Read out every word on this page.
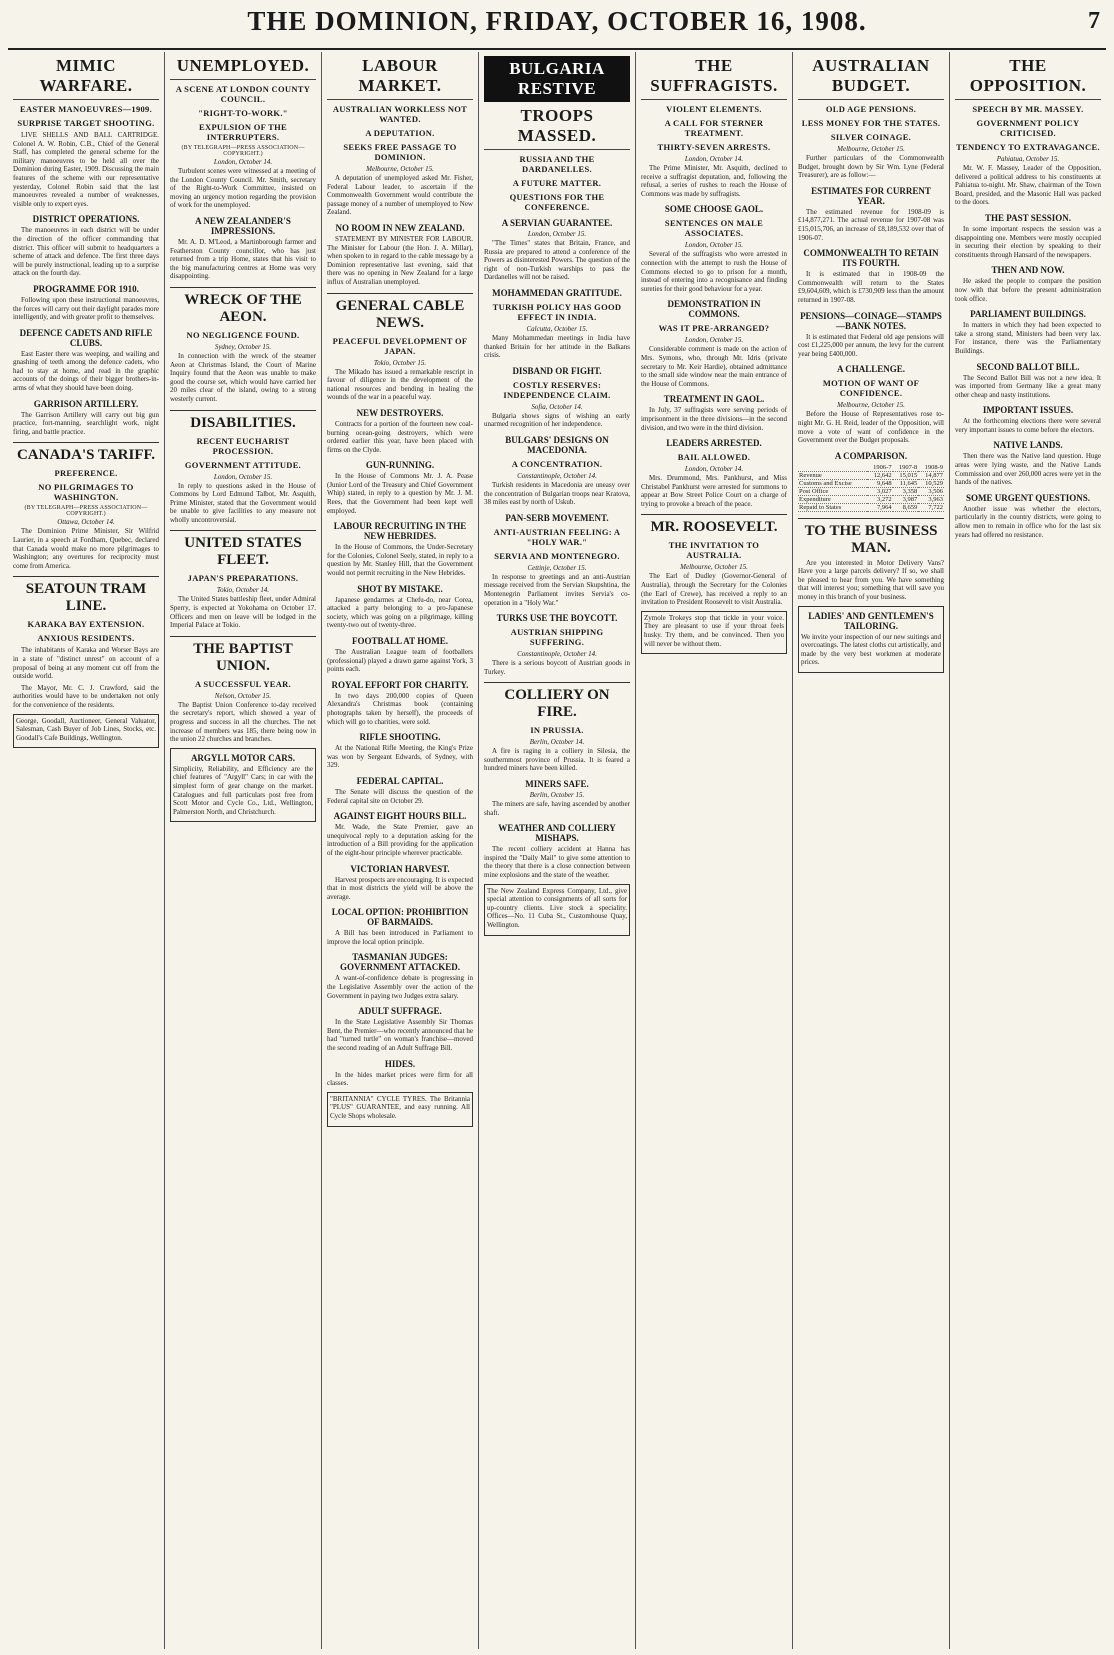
THE DOMINION, FRIDAY, OCTOBER 16, 1908.	7
MIMIC WARFARE.
EASTER MANOEUVRES—1909.
SURPRISE TARGET SHOOTING.

LIVE SHELLS AND BALL CARTRIDGE. Colonel A. W. Robin, C.B., Chief of the General Staff, has completed the general scheme for the military manoeuvres to be held all over the Dominion during Easter, 1909. Discussing the main features of the scheme with our representative yesterday, Colonel Robin said that the last manoeuvres revealed a number of weaknesses, visible only to expert eyes.

DISTRICT OPERATIONS.

The manoeuvres in each district will be under the direction of the officer commanding that district. This officer will submit to headquarters a scheme of attack and defence. The first three days will be purely instructional, leading up to a surprise attack on the fourth day.

PROGRAMME FOR 1910.

Following upon these instructional manoeuvres, the forces will carry out their daylight parades more intelligently, and with greater profit to themselves.

DEFENCE CADETS AND RIFLE CLUBS.

East Easter there was weeping, and wailing and gnashing of teeth among the defence cadets, who had to stay at home, and read in the graphic accounts of the doings of their bigger brothers-in-arms of what they should have been doing.

GARRISON ARTILLERY.

The Garrison Artillery will carry out big gun practice, fort-manning, searchlight work, night firing, and battle practice.

CANADA'S TARIFF.
PREFERENCE.
NO PILGRIMAGES TO WASHINGTON.
(BY TELEGRAPH—PRESS ASSOCIATION—COPYRIGHT.)
Ottawa, October 14.

The Dominion Prime Minister, Sir Wilfrid Laurier, in a speech at Fordham, Quebec, declared that Canada would make no more pilgrimages to Washington; any overtures for reciprocity must come from America.

SEATOUN TRAM LINE.
KARAKA BAY EXTENSION.
ANXIOUS RESIDENTS.

The inhabitants of Karaka and Worser Bays are in a state of "distinct unrest" on account of a proposal of being at any moment cut off from the outside world.

The Mayor, Mr. C. J. Crawford, said the authorities would have to be undertaken not only for the convenience of the residents.

George, Goodall, Auctioneer, General Valuator, Salesman, Cash Buyer of Job Lines, Stocks, etc. Goodall's Cafe Buildings, Wellington.

UNEMPLOYED.
A SCENE AT LONDON COUNTY COUNCIL.
"RIGHT-TO-WORK."
EXPULSION OF THE INTERRUPTERS.
(BY TELEGRAPH—PRESS ASSOCIATION—COPYRIGHT.)
London, October 14.

Turbulent scenes were witnessed at a meeting of the London County Council. Mr. Smith, secretary of the Right-to-Work Committee, insisted on moving an urgency motion regarding the provision of work for the unemployed.

A NEW ZEALANDER'S IMPRESSIONS.

Mr. A. D. M'Leod, a Martinborough farmer and Featherston County councillor, who has just returned from a trip Home, states that his visit to the big manufacturing centres at Home was very disappointing.

WRECK OF THE AEON.
NO NEGLIGENCE FOUND.
Sydney, October 15.

In connection with the wreck of the steamer Aeon at Christmas Island, the Court of Marine Inquiry found that the Aeon was unable to make good the course set, which would have carried her 20 miles clear of the island, owing to a strong westerly current.

DISABILITIES.
RECENT EUCHARIST PROCESSION.
GOVERNMENT ATTITUDE.
London, October 15.

In reply to questions asked in the House of Commons by Lord Edmund Talbot, Mr. Asquith, Prime Minister, stated that the Government would be unable to give facilities to any measure not wholly uncontroversial.

UNITED STATES FLEET.
JAPAN'S PREPARATIONS.
Tokio, October 14.

The United States battleship fleet, under Admiral Sperry, is expected at Yokohama on October 17. Officers and men on leave will be lodged in the Imperial Palace at Tokio.

THE BAPTIST UNION.
A SUCCESSFUL YEAR.
Nelson, October 15.

The Baptist Union Conference to-day received the secretary's report, which showed a year of progress and success in all the churches. The net increase of members was 185, there being now in the union 22 churches and branches.

ARGYLL MOTOR CARS.

Simplicity, Reliability, and Efficiency are the chief features of "Argyll" Cars; in car with the simplest form of gear change on the market. Catalogues and full particulars post free from Scott Motor and Cycle Co., Ltd., Wellington, Palmerston North, and Christchurch.

LABOUR MARKET.
AUSTRALIAN WORKLESS NOT WANTED.
A DEPUTATION.
SEEKS FREE PASSAGE TO DOMINION.
Melbourne, October 15.

A deputation of unemployed asked Mr. Fisher, Federal Labour leader, to ascertain if the Commonwealth Government would contribute the passage money of a number of unemployed to New Zealand.

NO ROOM IN NEW ZEALAND.

STATEMENT BY MINISTER FOR LABOUR. The Minister for Labour (the Hon. J. A. Millar), when spoken to in regard to the cable message by a Dominion representative last evening, said that there was no opening in New Zealand for a large influx of Australian unemployed.

GENERAL CABLE NEWS.
PEACEFUL DEVELOPMENT OF JAPAN.
Tokio, October 15.

The Mikado has issued a remarkable rescript in favour of diligence in the development of the national resources and bending in healing the wounds of the war in a peaceful way.

NEW DESTROYERS.

Contracts for a portion of the fourteen new coal-burning ocean-going destroyers, which were ordered earlier this year, have been placed with firms on the Clyde.

GUN-RUNNING.

In the House of Commons Mr. J. A. Pease (Junior Lord of the Treasury and Chief Government Whip) stated, in reply to a question by Mr. J. M. Rees, that the Government had been kept well employed.

LABOUR RECRUITING IN THE NEW HEBRIDES.

In the House of Commons, the Under-Secretary for the Colonies, Colonel Seely, stated, in reply to a question by Mr. Stanley Hill, that the Government would not permit recruiting in the New Hebrides.

SHOT BY MISTAKE.

Japanese gendarmes at Chefu-do, near Corea, attacked a party belonging to a pro-Japanese society, which was going on a pilgrimage, killing twenty-two out of twenty-three.

FOOTBALL AT HOME.

The Australian League team of footballers (professional) played a drawn game against York, 3 points each.

ROYAL EFFORT FOR CHARITY.

In two days 200,000 copies of Queen Alexandra's Christmas book (containing photographs taken by herself), the proceeds of which will go to charities, were sold.

RIFLE SHOOTING.

At the National Rifle Meeting, the King's Prize was won by Sergeant Edwards, of Sydney, with 329.

FEDERAL CAPITAL.

The Senate will discuss the question of the Federal capital site on October 29.

AGAINST EIGHT HOURS BILL.

Mr. Wade, the State Premier, gave an unequivocal reply to a deputation asking for the introduction of a Bill providing for the application of the eight-hour principle wherever practicable.

VICTORIAN HARVEST.

Harvest prospects are encouraging. It is expected that in most districts the yield will be above the average.

LOCAL OPTION: PROHIBITION OF BARMAIDS.

A Bill has been introduced in Parliament to improve the local option principle.

TASMANIAN JUDGES: GOVERNMENT ATTACKED.

A want-of-confidence debate is progressing in the Legislative Assembly over the action of the Government in paying two Judges extra salary.

ADULT SUFFRAGE.

In the State Legislative Assembly Sir Thomas Bent, the Premier—who recently announced that he had "turned turtle" on woman's franchise—moved the second reading of an Adult Suffrage Bill.

HIDES.

In the hides market prices were firm for all classes.

"BRITANNIA" CYCLE TYRES. The Britannia "PLUS" GUARANTEE, and easy running. All Cycle Shops wholesale.

BULGARIA RESTIVE
TROOPS MASSED.
RUSSIA AND THE DARDANELLES.
A FUTURE MATTER.
QUESTIONS FOR THE CONFERENCE.
A SERVIAN GUARANTEE.
London, October 15.

"The Times" states that Britain, France, and Russia are prepared to attend a conference of the Powers as disinterested Powers. The question of the right of non-Turkish warships to pass the Dardanelles will not be raised.

MOHAMMEDAN GRATITUDE.
TURKISH POLICY HAS GOOD EFFECT IN INDIA.
Calcutta, October 15.

Many Mohammedan meetings in India have thanked Britain for her attitude in the Balkans crisis.

DISBAND OR FIGHT.
COSTLY RESERVES: INDEPENDENCE CLAIM.
Sofia, October 14.

Bulgaria shows signs of wishing an early unarmed recognition of her independence.

BULGARS' DESIGNS ON MACEDONIA.
A CONCENTRATION.
Constantinople, October 14.

Turkish residents in Macedonia are uneasy over the concentration of Bulgarian troops near Kratova, 38 miles east by north of Uskub.

PAN-SERB MOVEMENT.
ANTI-AUSTRIAN FEELING: A "HOLY WAR."
SERVIA AND MONTENEGRO.
Cettinje, October 15.

In response to greetings and an anti-Austrian message received from the Servian Skupshtina, the Montenegrin Parliament invites Servia's co-operation in a "Holy War."

TURKS USE THE BOYCOTT.
AUSTRIAN SHIPPING SUFFERING.
Constantinople, October 14.

There is a serious boycott of Austrian goods in Turkey.

COLLIERY ON FIRE.
IN PRUSSIA.
Berlin, October 14.

A fire is raging in a colliery in Silesia, the southernmost province of Prussia. It is feared a hundred miners have been killed.

MINERS SAFE.
Berlin, October 15.

The miners are safe, having ascended by another shaft.

WEATHER AND COLLIERY MISHAPS.

The recent colliery accident at Hanna has inspired the "Daily Mail" to give some attention to the theory that there is a close connection between mine explosions and the state of the weather.

The New Zealand Express Company, Ltd., give special attention to consignments of all sorts for up-country clients. Live stock a speciality. Offices—No. 11 Cuba St., Customhouse Quay, Wellington.

THE SUFFRAGISTS.
VIOLENT ELEMENTS.
A CALL FOR STERNER TREATMENT.
THIRTY-SEVEN ARRESTS.
London, October 14.

The Prime Minister, Mr. Asquith, declined to receive a suffragist deputation, and, following the refusal, a series of rushes to reach the House of Commons was made by suffragists.

SOME CHOOSE GAOL.
SENTENCES ON MALE ASSOCIATES.
London, October 15.

Several of the suffragists who were arrested in connection with the attempt to rush the House of Commons elected to go to prison for a month, instead of entering into a recognisance and finding sureties for their good behaviour for a year.

DEMONSTRATION IN COMMONS.
WAS IT PRE-ARRANGED?
London, October 15.

Considerable comment is made on the action of Mrs. Symons, who, through Mr. Idris (private secretary to Mr. Keir Hardie), obtained admittance to the small side window near the main entrance of the House of Commons.

TREATMENT IN GAOL.

In July, 37 suffragists were serving periods of imprisonment in the three divisions—in the second division, and two were in the third division.

LEADERS ARRESTED.
BAIL ALLOWED.
London, October 14.

Mrs. Drummond, Mrs. Pankhurst, and Miss Christabel Pankhurst were arrested for summons to appear at Bow Street Police Court on a charge of trying to provoke a breach of the peace.

MR. ROOSEVELT.
THE INVITATION TO AUSTRALIA.
Melbourne, October 15.

The Earl of Dudley (Governor-General of Australia), through the Secretary for the Colonies (the Earl of Crewe), has received a reply to an invitation to President Roosevelt to visit Australia.

Zymole Trokeys stop that tickle in your voice. They are pleasant to use if your throat feels husky. Try them, and be convinced. Then you will never be without them.

AUSTRALIAN BUDGET.
OLD AGE PENSIONS.
LESS MONEY FOR THE STATES.
SILVER COINAGE.
Melbourne, October 15.

Further particulars of the Commonwealth Budget, brought down by Sir Wm. Lyne (Federal Treasurer), are as follow:—

ESTIMATES FOR CURRENT YEAR.

The estimated revenue for 1908-09 is £14,877,271. The actual revenue for 1907-08 was £15,015,706, an increase of £8,189,532 over that of 1906-07.

COMMONWEALTH TO RETAIN ITS FOURTH.

It is estimated that in 1908-09 the Commonwealth will return to the States £9,604,609, which is £730,909 less than the amount returned in 1907-08.

PENSIONS—COINAGE—STAMPS—BANK NOTES.

It is estimated that Federal old age pensions will cost £1,225,000 per annum, the levy for the current year being £400,000.

A CHALLENGE.
MOTION OF WANT OF CONFIDENCE.
Melbourne, October 15.

Before the House of Representatives rose to-night Mr. G. H. Reid, leader of the Opposition, will move a vote of want of confidence in the Government over the Budget proposals.

A COMPARISON.
	1906-7	1907-8	1908-9
Revenue	12,642	15,015	14,877
Customs and Excise	9,648	11,645	10,529
Post Office	3,027	3,358	3,506
Expenditure	3,272	3,987	3,963
Repaid to States	7,964	8,659	7,722
TO THE BUSINESS MAN.

Are you interested in Motor Delivery Vans? Have you a large parcels delivery? If so, we shall be pleased to hear from you. We have something that will interest you; something that will save you money in this branch of your business.

LADIES' AND GENTLEMEN'S TAILORING.

We invite your inspection of our new suitings and overcoatings. The latest cloths cut artistically, and made by the very best workmen at moderate prices.

THE OPPOSITION.
SPEECH BY MR. MASSEY.
GOVERNMENT POLICY CRITICISED.
TENDENCY TO EXTRAVAGANCE.
Pahiatua, October 15.

Mr. W. F. Massey, Leader of the Opposition, delivered a political address to his constituents at Pahiatua to-night. Mr. Shaw, chairman of the Town Board, presided, and the Masonic Hall was packed to the doors.

THE PAST SESSION.

In some important respects the session was a disappointing one. Members were mostly occupied in securing their election by speaking to their constituents through Hansard of the newspapers.

THEN AND NOW.

He asked the people to compare the position now with that before the present administration took office.

PARLIAMENT BUILDINGS.

In matters in which they had been expected to take a strong stand, Ministers had been very lax. For instance, there was the Parliamentary Buildings.

SECOND BALLOT BILL.

The Second Ballot Bill was not a new idea. It was imported from Germany like a great many other cheap and nasty institutions.

IMPORTANT ISSUES.

At the forthcoming elections there were several very important issues to come before the electors.

NATIVE LANDS.

Then there was the Native land question. Huge areas were lying waste, and the Native Lands Commission and over 260,000 acres were yet in the hands of the natives.

SOME URGENT QUESTIONS.

Another issue was whether the electors, particularly in the country districts, were going to allow men to remain in office who for the last six years had offered no resistance.
